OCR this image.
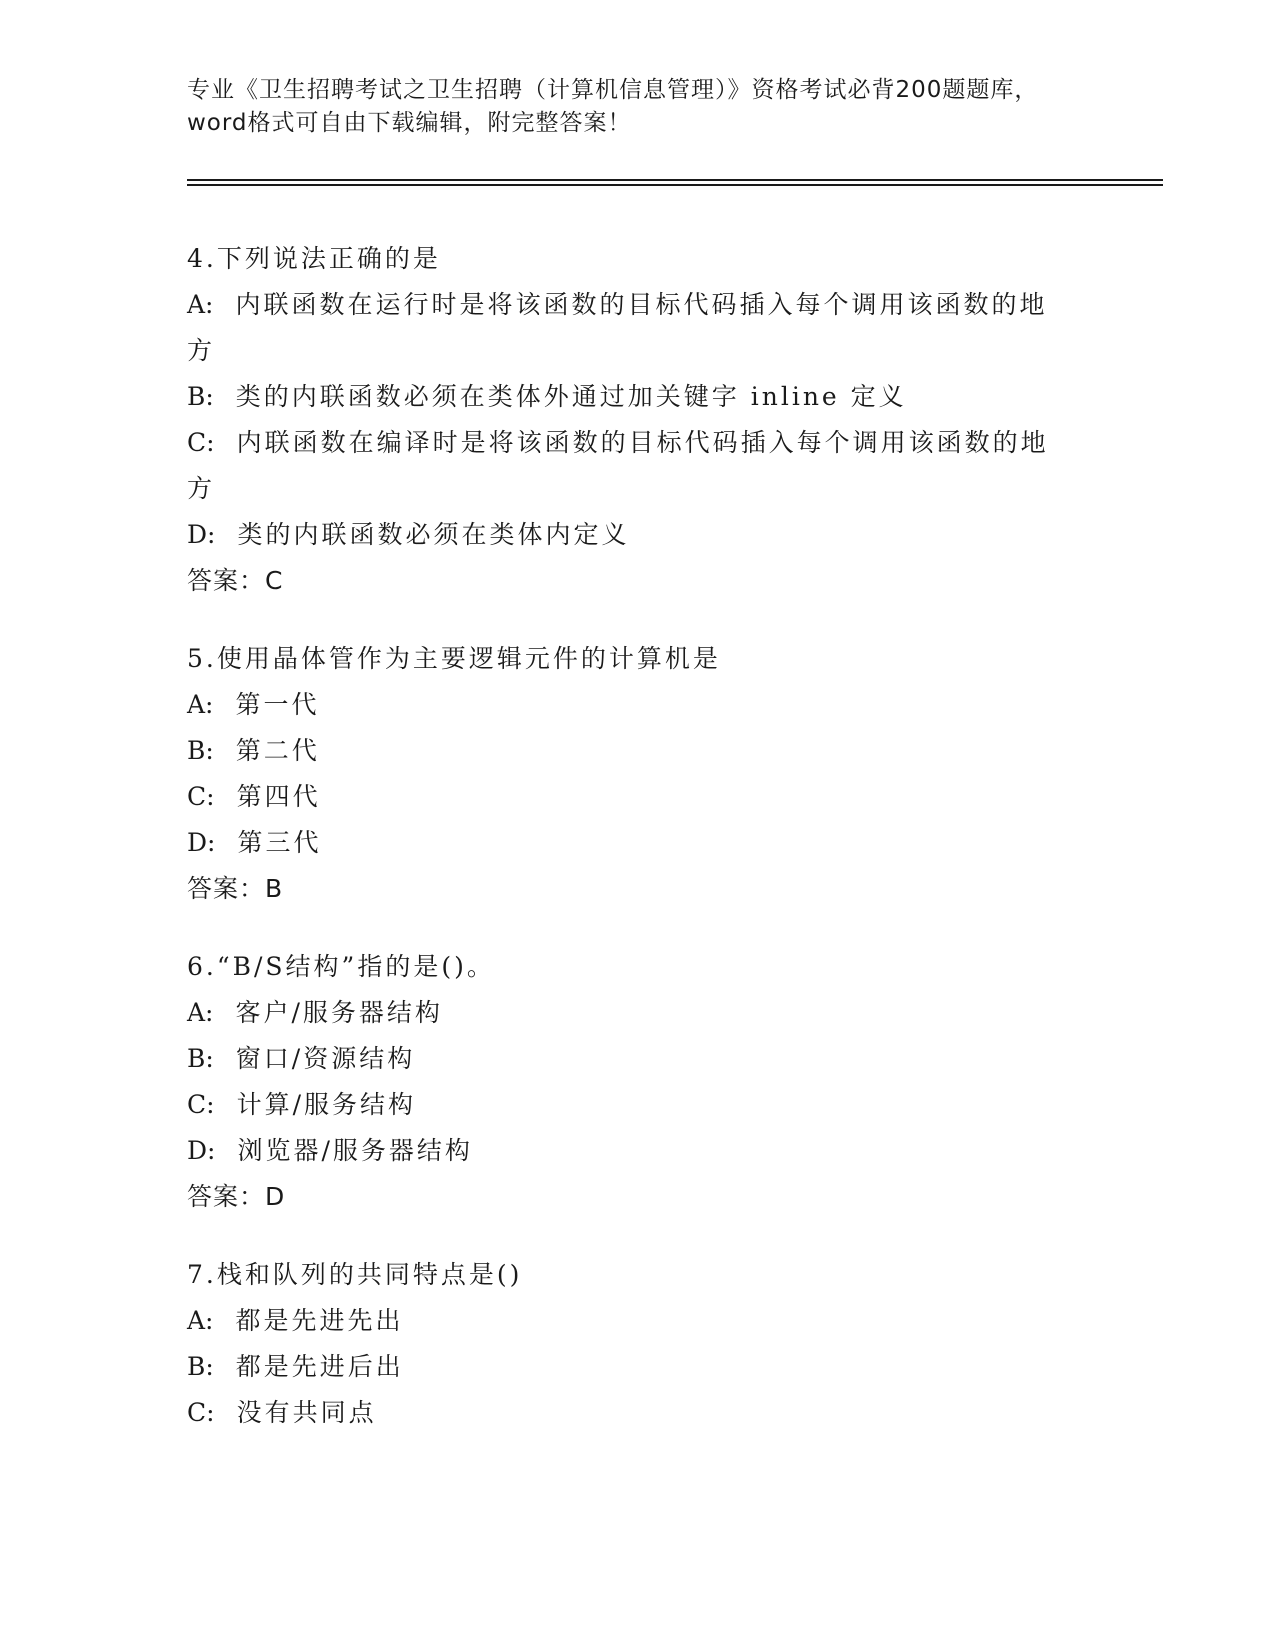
专业《卫生招聘考试之卫生招聘（计算机信息管理）》资格考试必背200题题库，

word格式可自由下载编辑，附完整答案！

4.下列说法正确的是
A: 内联函数在运行时是将该函数的目标代码插入每个调用该函数的地
方
B: 类的内联函数必须在类体外通过加关键字 inline 定义
C: 内联函数在编译时是将该函数的目标代码插入每个调用该函数的地
方
D: 类的内联函数必须在类体内定义
答案：C
5.使用晶体管作为主要逻辑元件的计算机是
A: 第一代
B: 第二代
C: 第四代
D: 第三代
答案：B
6.“B/S结构”指的是()。
A: 客户/服务器结构
B: 窗口/资源结构
C: 计算/服务结构
D: 浏览器/服务器结构
答案：D
7.栈和队列的共同特点是()
A: 都是先进先出
B: 都是先进后出
C: 没有共同点
